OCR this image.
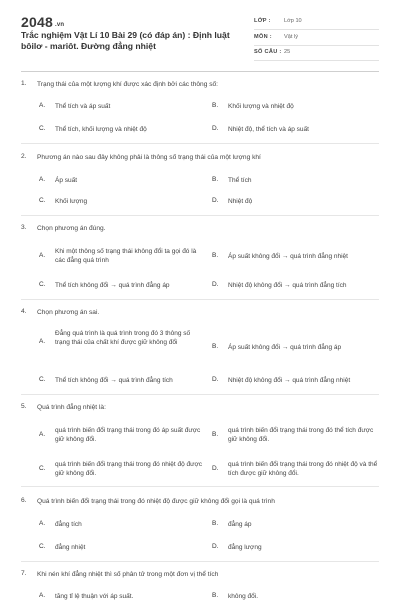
2048 .vn
Trắc nghiệm Vật Lí 10 Bài 29 (có đáp án) : Định luật bôilơ - mariôt. Đường đẳng nhiệt
LỚP : Lớp 10
MÔN : Vật lý
SỐ CÂU : 25
1. Trạng thái của một lượng khí được xác định bởi các thông số:
A. Thể tích và áp suất	B. Khối lượng và nhiệt độ
C. Thể tích, khối lượng và nhiệt độ	D. Nhiệt độ, thể tích và áp suất
2. Phương án nào sau đây không phải là thông số trạng thái của một lượng khí
A. Áp suất	B. Thể tích
C. Khối lượng	D. Nhiệt độ
3. Chọn phương án đúng.
A.
Khi một thông số trạng thái không đổi ta gọi đó là các đẳng quá trình
B. Áp suất không đổi → quá trình đẳng nhiệt
C. Thể tích không đổi → quá trình đẳng áp	D. Nhiệt độ không đổi → quá trình đẳng tích
4. Chọn phương án sai.
A.
Đẳng quá trình là quá trình trong đó 3 thông số trạng thái của chất khí được giữ không đổi
B. Áp suất không đổi → quá trình đẳng áp
C. Thể tích không đổi → quá trình đẳng tích	D. Nhiệt độ không đổi → quá trình đẳng nhiệt
5. Quá trình đẳng nhiệt là:
A.
quá trình biến đổi trạng thái trong đó áp suất được giữ không đổi.
B.
quá trình biến đổi trạng thái trong đó thể tích được giữ không đổi.
C.
quá trình biến đổi trạng thái trong đó nhiệt độ được giữ không đổi.
D.
quá trình biến đổi trạng thái trong đó nhiệt độ và thể tích được giữ không đổi.
6. Quá trình biến đổi trạng thái trong đó nhiệt độ được giữ không đổi gọi là quá trình
A. đẳng tích	B. đẳng áp
C. đẳng nhiệt	D. đẳng lượng
7. Khi nén khí đẳng nhiệt thì số phân tử trong một đơn vị thể tích
A. tăng tỉ lệ thuận với áp suất.	B. không đổi.
